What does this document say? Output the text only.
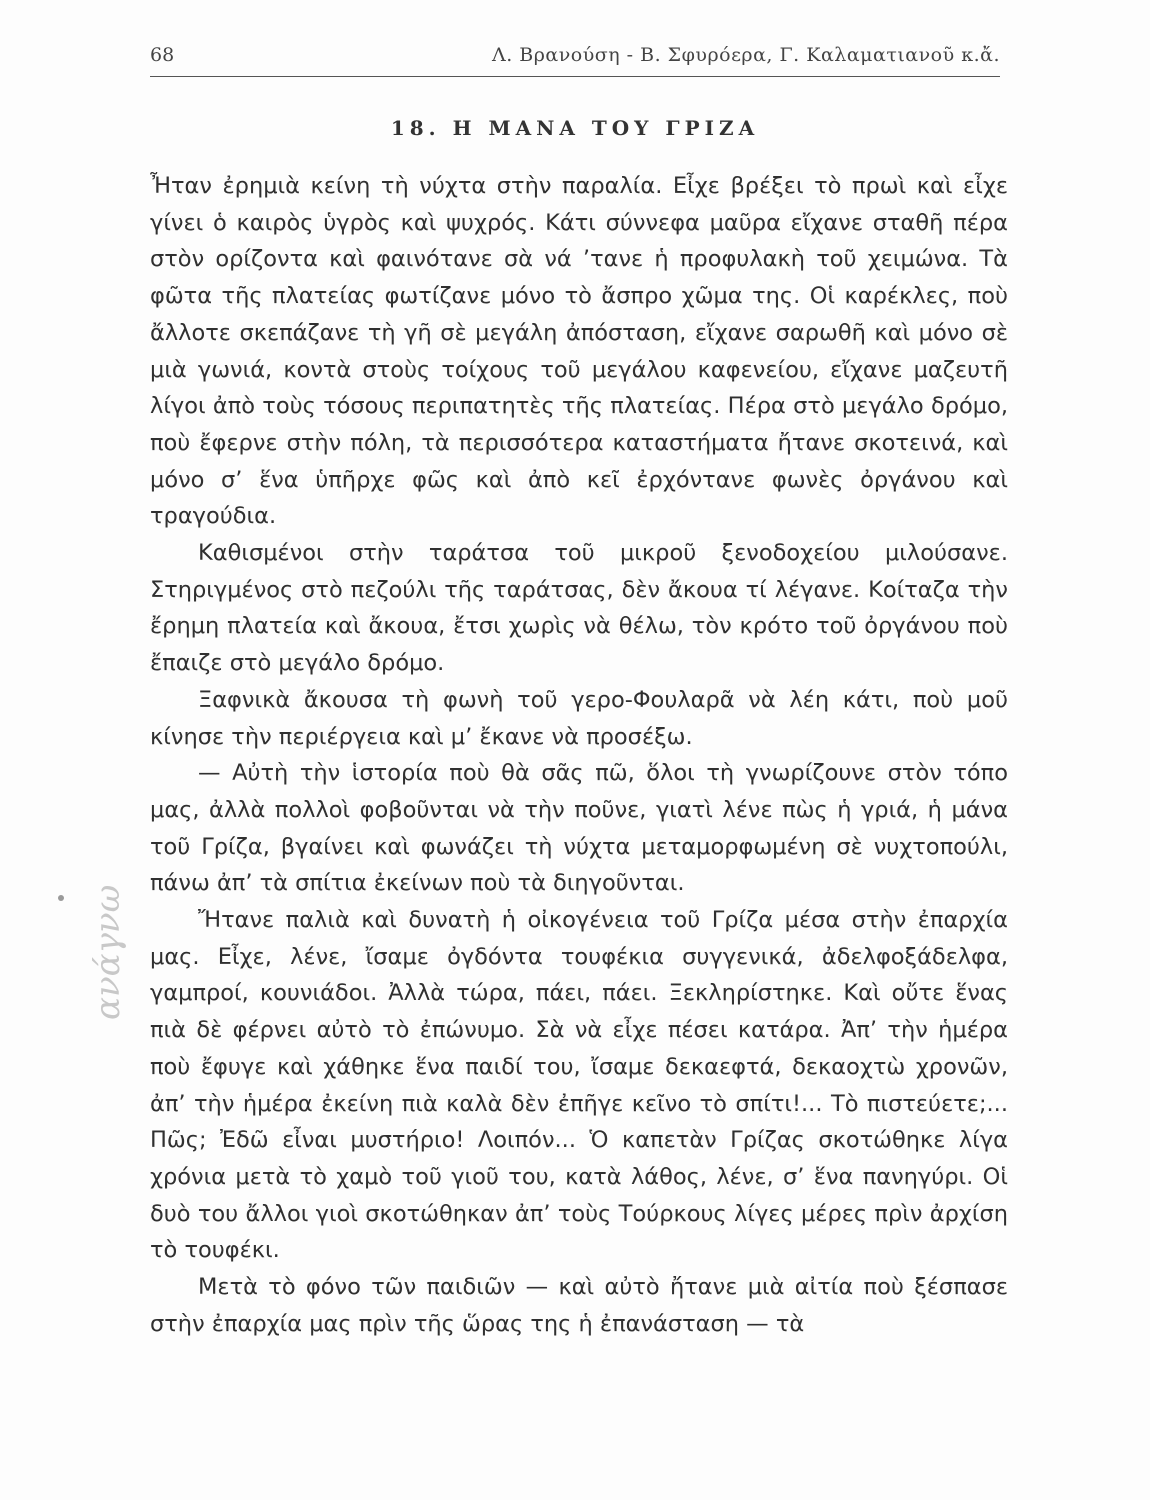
68	Λ. Βρανούση - Β. Σφυρόερα, Γ. Καλαματιανοῦ κ.ἄ.
18. Η ΜΑΝΑ ΤΟΥ ΓΡΙΖΑ

Ἦταν ἐρημιὰ κείνη τὴ νύχτα στὴν παραλία. Εἶχε βρέξει τὸ πρωὶ καὶ εἶχε γίνει ὁ καιρὸς ὑγρὸς καὶ ψυχρός. Κάτι σύννεφα μαῦρα εἴχανε σταθῆ πέρα στὸν ορίζοντα καὶ φαινότανε σὰ νά ’τανε ἡ προφυλακὴ τοῦ χειμώνα. Τὰ φῶτα τῆς πλατείας φωτίζανε μόνο τὸ ἄσπρο χῶμα της. Οἱ καρέκλες, ποὺ ἄλλοτε σκεπάζανε τὴ γῆ σὲ μεγάλη ἀπόσταση, εἴχανε σαρωθῆ καὶ μόνο σὲ μιὰ γωνιά, κοντὰ στοὺς τοίχους τοῦ μεγάλου καφενείου, εἴχανε μαζευτῆ λίγοι ἀπὸ τοὺς τόσους περιπατητὲς τῆς πλατείας. Πέρα στὸ μεγάλο δρόμο, ποὺ ἔφερνε στὴν πόλη, τὰ περισσότερα καταστήματα ἤτανε σκοτεινά, καὶ μόνο σ’ ἕνα ὑπῆρχε φῶς καὶ ἀπὸ κεῖ ἐρχόντανε φωνὲς ὀργάνου καὶ τραγούδια.

Καθισμένοι στὴν ταράτσα τοῦ μικροῦ ξενοδοχείου μιλούσανε. Στηριγμένος στὸ πεζούλι τῆς ταράτσας, δὲν ἄκουα τί λέγανε. Κοίταζα τὴν ἔρημη πλατεία καὶ ἄκουα, ἔτσι χωρὶς νὰ θέλω, τὸν κρότο τοῦ ὀργάνου ποὺ ἔπαιζε στὸ μεγάλο δρόμο.

Ξαφνικὰ ἄκουσα τὴ φωνὴ τοῦ γερο-Φουλαρᾶ νὰ λέη κάτι, ποὺ μοῦ κίνησε τὴν περιέργεια καὶ μ’ ἔκανε νὰ προσέξω.

— Αὐτὴ τὴν ἱστορία ποὺ θὰ σᾶς πῶ, ὅλοι τὴ γνωρίζουνε στὸν τόπο μας, ἀλλὰ πολλοὶ φοβοῦνται νὰ τὴν ποῦνε, γιατὶ λένε πὼς ἡ γριά, ἡ μάνα τοῦ Γρίζα, βγαίνει καὶ φωνάζει τὴ νύχτα μεταμορφωμένη σὲ νυχτοπούλι, πάνω ἀπ’ τὰ σπίτια ἐκείνων ποὺ τὰ διηγοῦνται.

Ἤτανε παλιὰ καὶ δυνατὴ ἡ οἰκογένεια τοῦ Γρίζα μέσα στὴν ἐπαρχία μας. Εἶχε, λένε, ἴσαμε ὀγδόντα τουφέκια συγγενικά, ἀδελφοξάδελφα, γαμπροί, κουνιάδοι. Ἀλλὰ τώρα, πάει, πάει. Ξεκληρίστηκε. Καὶ οὔτε ἕνας πιὰ δὲ φέρνει αὐτὸ τὸ ἐπώνυμο. Σὰ νὰ εἶχε πέσει κατάρα. Ἀπ’ τὴν ἡμέρα ποὺ ἔφυγε καὶ χάθηκε ἕνα παιδί του, ἴσαμε δεκαεφτά, δεκαοχτὼ χρονῶν, ἀπ’ τὴν ἡμέρα ἐκείνη πιὰ καλὰ δὲν ἐπῆγε κεῖνο τὸ σπίτι!... Τὸ πιστεύετε;... Πῶς; Ἐδῶ εἶναι μυστήριο! Λοιπόν... Ὁ καπετὰν Γρίζας σκοτώθηκε λίγα χρόνια μετὰ τὸ χαμὸ τοῦ γιοῦ του, κατὰ λάθος, λένε, σ’ ἕνα πανηγύρι. Οἱ δυὸ του ἄλλοι γιοὶ σκοτώθηκαν ἀπ’ τοὺς Τούρκους λίγες μέρες πρὶν ἀρχίση τὸ τουφέκι.

Μετὰ τὸ φόνο τῶν παιδιῶν — καὶ αὐτὸ ἤτανε μιὰ αἰτία ποὺ ξέσπασε στὴν ἐπαρχία μας πρὶν τῆς ὥρας της ἡ ἐπανάσταση — τὰ

ανάγνω
